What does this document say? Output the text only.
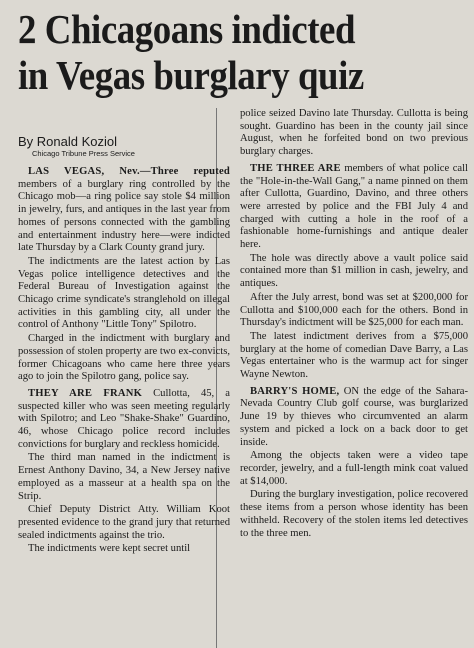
2 Chicagoans indicted
in Vegas burglary quiz
By Ronald Koziol
Chicago Tribune Press Service

LAS VEGAS, Nev.—Three reputed members of a burglary ring controlled by the Chicago mob—a ring police say stole $4 million in jewelry, furs, and antiques in the last year from homes of persons connected with the gambling and entertainment industry here—were indicted late Thursday by a Clark County grand jury.

The indictments are the latest action by Las Vegas police intelligence detectives and the Federal Bureau of Investigation against the Chicago crime syndicate's stranglehold on illegal activities in this gambling city, all under the control of Anthony "Little Tony" Spilotro.

Charged in the indictment with burglary and possession of stolen property are two ex-convicts, former Chicagoans who came here three years ago to join the Spilotro gang, police say.

THEY ARE FRANK Cullotta, 45, a suspected killer who was seen meeting regularly with Spilotro; and Leo "Shake-Shake" Guardino, 46, whose Chicago police record includes convictions for burglary and reckless homicide.

The third man named in the indictment is Ernest Anthony Davino, 34, a New Jersey native employed as a masseur at a health spa on the Strip.

Chief Deputy District Atty. William Koot presented evidence to the grand jury that returned sealed indictments against the trio.

The indictments were kept secret until

police seized Davino late Thursday. Cullotta is being sought. Guardino has been in the county jail since August, when he forfeited bond on two previous burglary charges.

THE THREE ARE members of what police call the "Hole-in-the-Wall Gang," a name pinned on them after Cullotta, Guardino, Davino, and three others were arrested by police and the FBI July 4 and charged with cutting a hole in the roof of a fashionable home-furnishings and antique dealer here.

The hole was directly above a vault police said contained more than $1 million in cash, jewelry, and antiques.

After the July arrest, bond was set at $200,000 for Cullotta and $100,000 each for the others. Bond in Thursday's indictment will be $25,000 for each man.

The latest indictment derives from a $75,000 burglary at the home of comedian Dave Barry, a Las Vegas entertainer who is the warmup act for singer Wayne Newton.

BARRY'S HOME, ON the edge of the Sahara-Nevada Country Club golf course, was burglarized June 19 by thieves who circumvented an alarm system and picked a lock on a back door to get inside.

Among the objects taken were a video tape recorder, jewelry, and a full-length mink coat valued at $14,000.

During the burglary investigation, police recovered these items from a person whose identity has been withheld. Recovery of the stolen items led detectives to the three men.
